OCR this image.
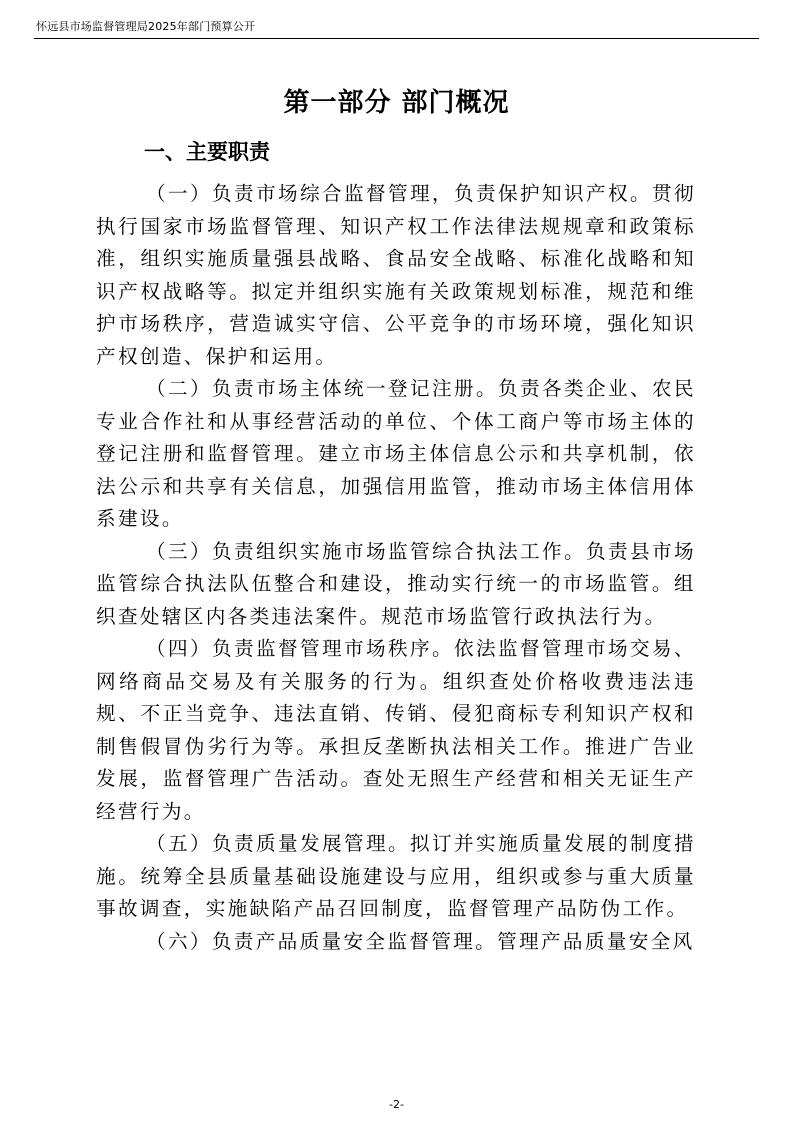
怀远县市场监督管理局2025年部门预算公开
第一部分 部门概况
一、主要职责

（一）负责市场综合监督管理，负责保护知识产权。贯彻执行国家市场监督管理、知识产权工作法律法规规章和政策标准，组织实施质量强县战略、食品安全战略、标准化战略和知识产权战略等。拟定并组织实施有关政策规划标准，规范和维护市场秩序，营造诚实守信、公平竞争的市场环境，强化知识产权创造、保护和运用。

（二）负责市场主体统一登记注册。负责各类企业、农民专业合作社和从事经营活动的单位、个体工商户等市场主体的登记注册和监督管理。建立市场主体信息公示和共享机制，依法公示和共享有关信息，加强信用监管，推动市场主体信用体系建设。

（三）负责组织实施市场监管综合执法工作。负责县市场监管综合执法队伍整合和建设，推动实行统一的市场监管。组织查处辖区内各类违法案件。规范市场监管行政执法行为。

（四）负责监督管理市场秩序。依法监督管理市场交易、网络商品交易及有关服务的行为。组织查处价格收费违法违规、不正当竞争、违法直销、传销、侵犯商标专利知识产权和制售假冒伪劣行为等。承担反垄断执法相关工作。推进广告业发展，监督管理广告活动。查处无照生产经营和相关无证生产经营行为。

（五）负责质量发展管理。拟订并实施质量发展的制度措施。统筹全县质量基础设施建设与应用，组织或参与重大质量事故调查，实施缺陷产品召回制度，监督管理产品防伪工作。

（六）负责产品质量安全监督管理。管理产品质量安全风

-2-
